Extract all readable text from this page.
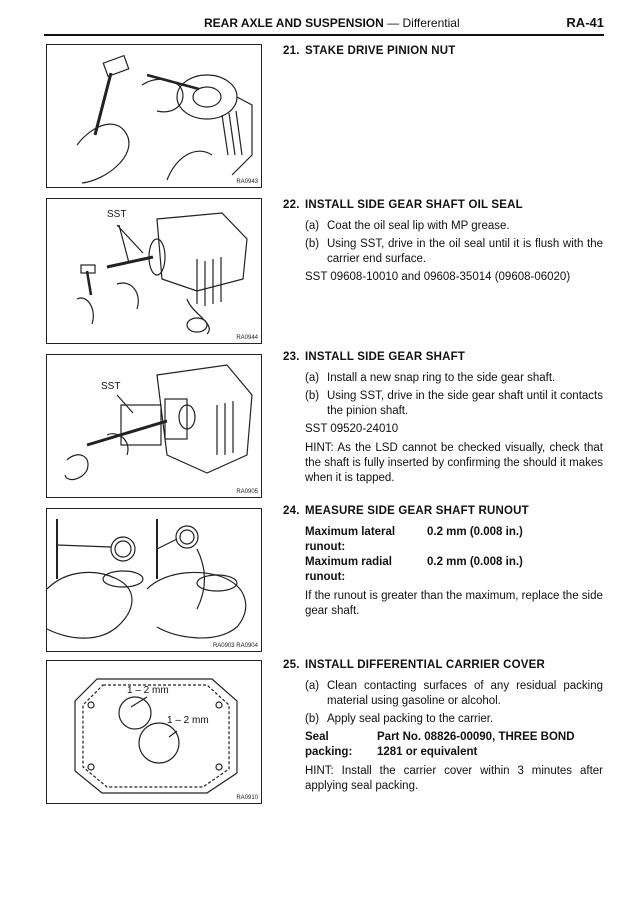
REAR AXLE AND SUSPENSION — Differential	RA-41
RA0943
SST
RA0944
SST
RA0905
RA0903 RA0904
1 – 2 mm
1 – 2 mm
RA0910
21. STAKE DRIVE PINION NUT
22. INSTALL SIDE GEAR SHAFT OIL SEAL
(a) Coat the oil seal lip with MP grease.
(b) Using SST, drive in the oil seal until it is flush with the carrier end surface.
SST 09608-10010 and 09608-35014 (09608-06020)
23. INSTALL SIDE GEAR SHAFT
(a) Install a new snap ring to the side gear shaft.
(b) Using SST, drive in the side gear shaft until it contacts the pinion shaft.
SST 09520-24010
HINT: As the LSD cannot be checked visually, check that the shaft is fully inserted by confirming the should it makes when it is tapped.
24. MEASURE SIDE GEAR SHAFT RUNOUT
Maximum lateral runout:
0.2 mm (0.008 in.)
Maximum radial runout:
0.2 mm (0.008 in.)
If the runout is greater than the maximum, replace the side gear shaft.
25. INSTALL DIFFERENTIAL CARRIER COVER
(a) Clean contacting surfaces of any residual packing material using gasoline or alcohol.
(b) Apply seal packing to the carrier.
Seal packing:
Part No. 08826-00090, THREE BOND 1281 or equivalent
HINT: Install the carrier cover within 3 minutes after applying seal packing.
